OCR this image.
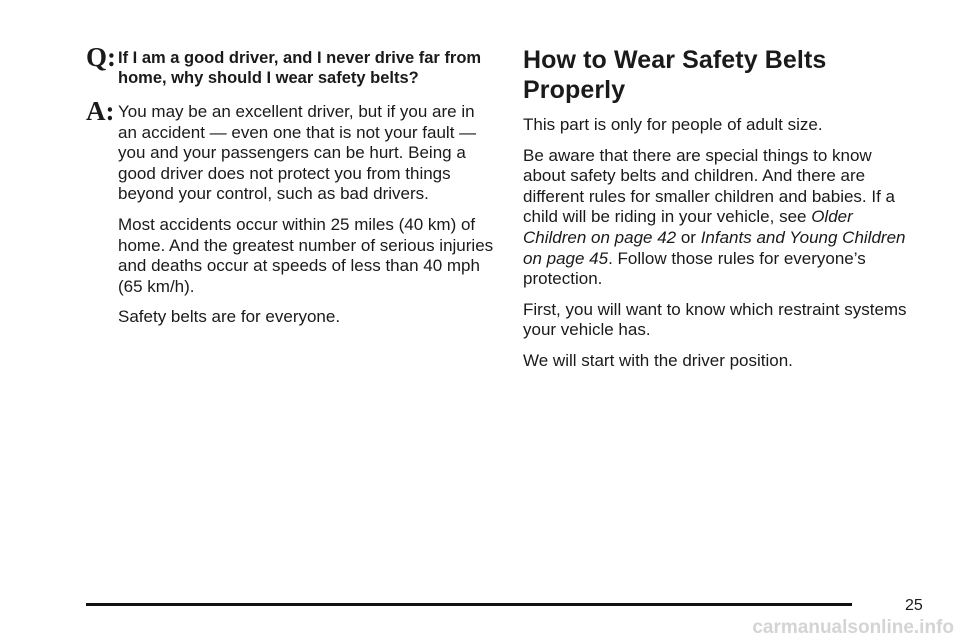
Q: If I am a good driver, and I never drive far from home, why should I wear safety belts?

A: You may be an excellent driver, but if you are in an accident — even one that is not your fault — you and your passengers can be hurt. Being a good driver does not protect you from things beyond your control, such as bad drivers.

Most accidents occur within 25 miles (40 km) of home. And the greatest number of serious injuries and deaths occur at speeds of less than 40 mph (65 km/h).

Safety belts are for everyone.

How to Wear Safety Belts Properly

This part is only for people of adult size.

Be aware that there are special things to know about safety belts and children. And there are different rules for smaller children and babies. If a child will be riding in your vehicle, see Older Children on page 42 or Infants and Young Children on page 45. Follow those rules for everyone’s protection.

First, you will want to know which restraint systems your vehicle has.

We will start with the driver position.

25
carmanualsonline.info
